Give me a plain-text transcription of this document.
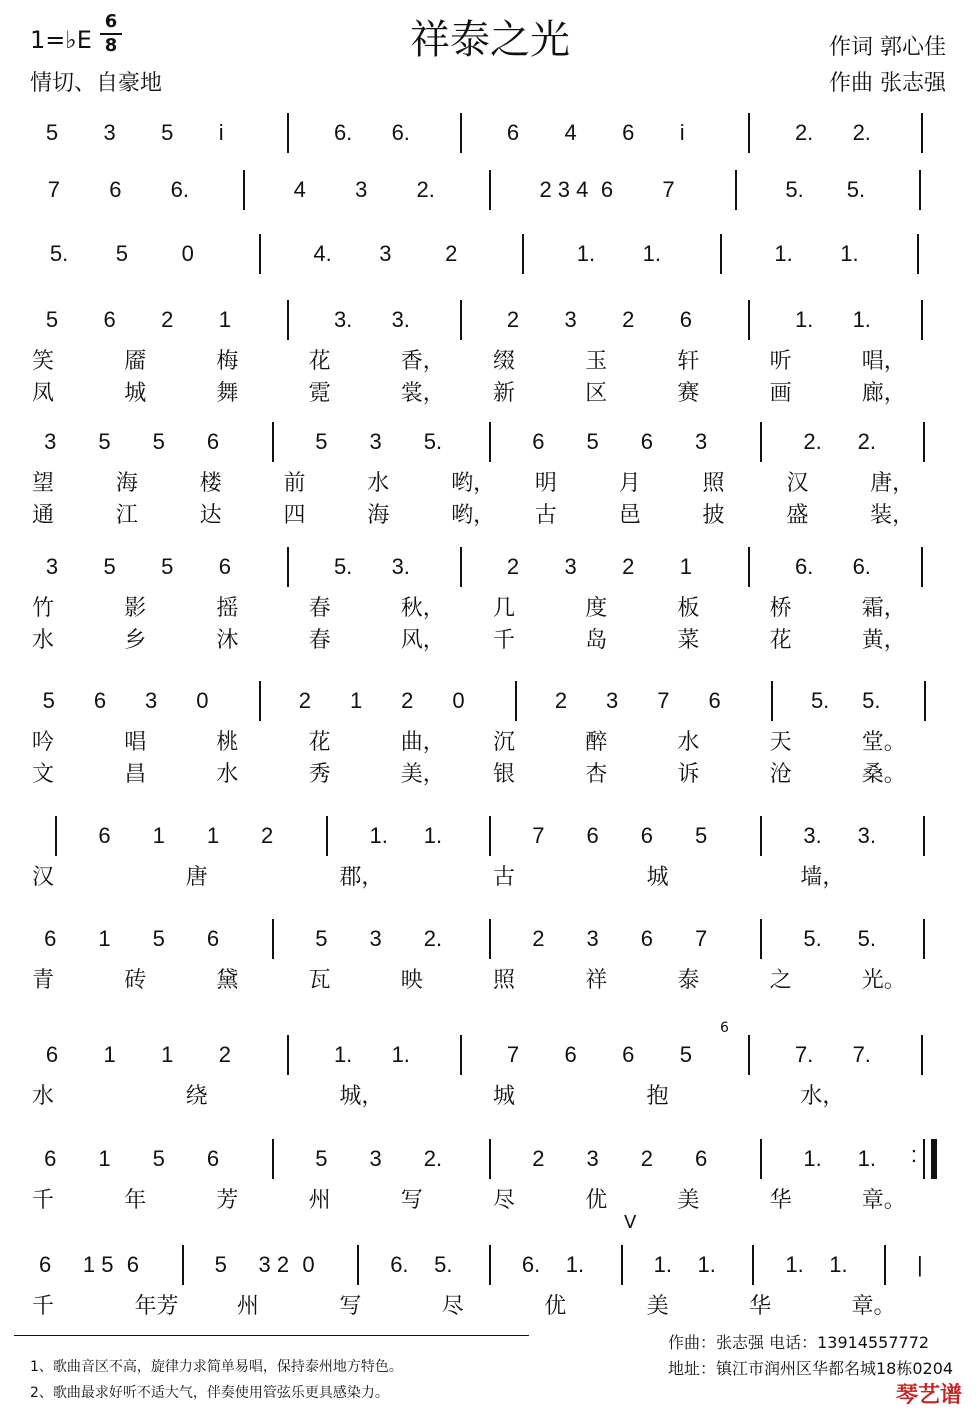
祥泰之光
1=♭E
6
8
情切、自豪地
作词 郭心佳
作曲 张志强
5 3 5 i	6. 6.	6 4 6 i	2. 2.
7 6 6.	4 3 2.	2 3 4 6 7	5. 5.
5. 5 0	4. 3 2	1. 1.	1. 1.
5 6 2 1	3. 3.	2 3 2 6	1. 1.
笑	靥	梅	花	香， 缀	玉	轩	听	唱，
凤	城	舞	霓	裳， 新	区	赛	画	廊，
3 5 5 6	5 3 5.	6 5 6 3	2. 2.
望	海	楼	前	水	哟， 明	月	照	汉	唐，
通	江	达	四	海	哟， 古	邑	披	盛	装，
3 5 5 6	5. 3.	2 3 2 1	6. 6.
竹	影	摇	春	秋， 几	度	板	桥	霜，
水	乡	沐	春	风， 千	岛	菜	花	黄，
5 6 3 0	2 1 2 0	2 3 7 6	5. 5.
吟	唱	桃	花	曲， 沉	醉	水	天	堂。
文	昌	水	秀	美， 银	杏	诉	沧	桑。
6 1 1 2	1. 1.	7 6 6 5	3. 3.
汉	唐	郡，	古	城	墙，
6 1 5 6	5 3 2.	2 3 6 7	5. 5.
青	砖	黛	瓦	映	照	祥	泰	之	光。
6 1 1 2	1. 1.	7 6 6 5	7. 7.
水	绕	城，	城	抱	水，
6 1 5 6	5 3 2.	2 3 2 6	1. 1.	:
千	年	芳	州	写	尽	优	美	华	章。
6 1 5 6	5 3 2 0	6. 5.	6. 1.	1. 1.	1. 1.	|
千	年芳	州	写	尽	优	美	华	章。
V
6
1、歌曲音区不高，旋律力求简单易唱，保持泰州地方特色。
2、歌曲最求好听不适大气，伴奏使用管弦乐更具感染力。
作曲：张志强 电话：13914557772
地址：镇江市润州区华都名城18栋0204
琴艺谱
